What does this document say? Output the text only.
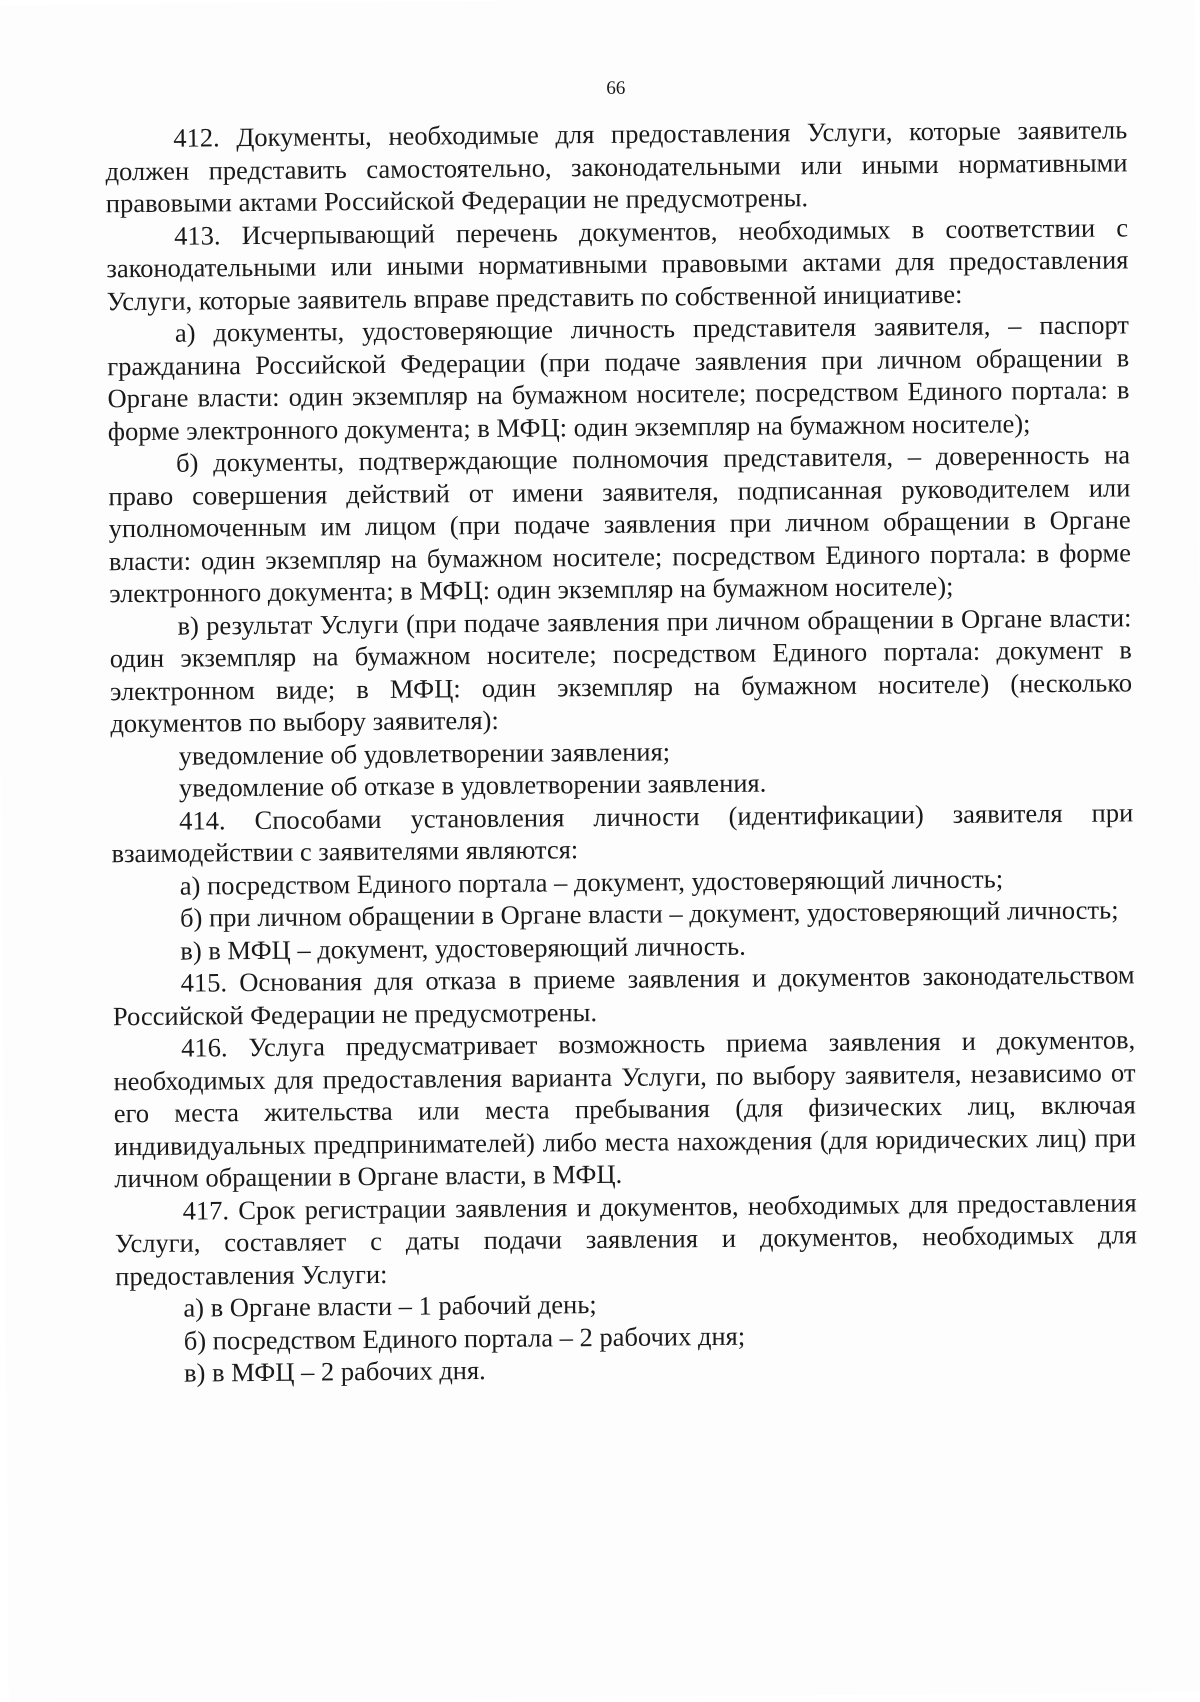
66

412. Документы, необходимые для предоставления Услуги, которые заявитель должен представить самостоятельно, законодательными или иными нормативными правовыми актами Российской Федерации не предусмотрены.

413. Исчерпывающий перечень документов, необходимых в соответствии с законодательными или иными нормативными правовыми актами для предоставления Услуги, которые заявитель вправе представить по собственной инициативе:

а) документы, удостоверяющие личность представителя заявителя, – паспорт гражданина Российской Федерации (при подаче заявления при личном обращении в Органе власти: один экземпляр на бумажном носителе; посредством Единого портала: в форме электронного документа; в МФЦ: один экземпляр на бумажном носителе);

б) документы, подтверждающие полномочия представителя, – доверенность на право совершения действий от имени заявителя, подписанная руководителем или уполномоченным им лицом (при подаче заявления при личном обращении в Органе власти: один экземпляр на бумажном носителе; посредством Единого портала: в форме электронного документа; в МФЦ: один экземпляр на бумажном носителе);

в) результат Услуги (при подаче заявления при личном обращении в Органе власти: один экземпляр на бумажном носителе; посредством Единого портала: документ в электронном виде; в МФЦ: один экземпляр на бумажном носителе) (несколько документов по выбору заявителя):

уведомление об удовлетворении заявления;

уведомление об отказе в удовлетворении заявления.

414. Способами установления личности (идентификации) заявителя при взаимодействии с заявителями являются:

а) посредством Единого портала – документ, удостоверяющий личность;

б) при личном обращении в Органе власти – документ, удостоверяющий личность;

в) в МФЦ – документ, удостоверяющий личность.

415. Основания для отказа в приеме заявления и документов законодательством Российской Федерации не предусмотрены.

416. Услуга предусматривает возможность приема заявления и документов, необходимых для предоставления варианта Услуги, по выбору заявителя, независимо от его места жительства или места пребывания (для физических лиц, включая индивидуальных предпринимателей) либо места нахождения (для юридических лиц) при личном обращении в Органе власти, в МФЦ.

417. Срок регистрации заявления и документов, необходимых для предоставления Услуги, составляет с даты подачи заявления и документов, необходимых для предоставления Услуги:

а) в Органе власти – 1 рабочий день;

б) посредством Единого портала – 2 рабочих дня;

в) в МФЦ – 2 рабочих дня.
